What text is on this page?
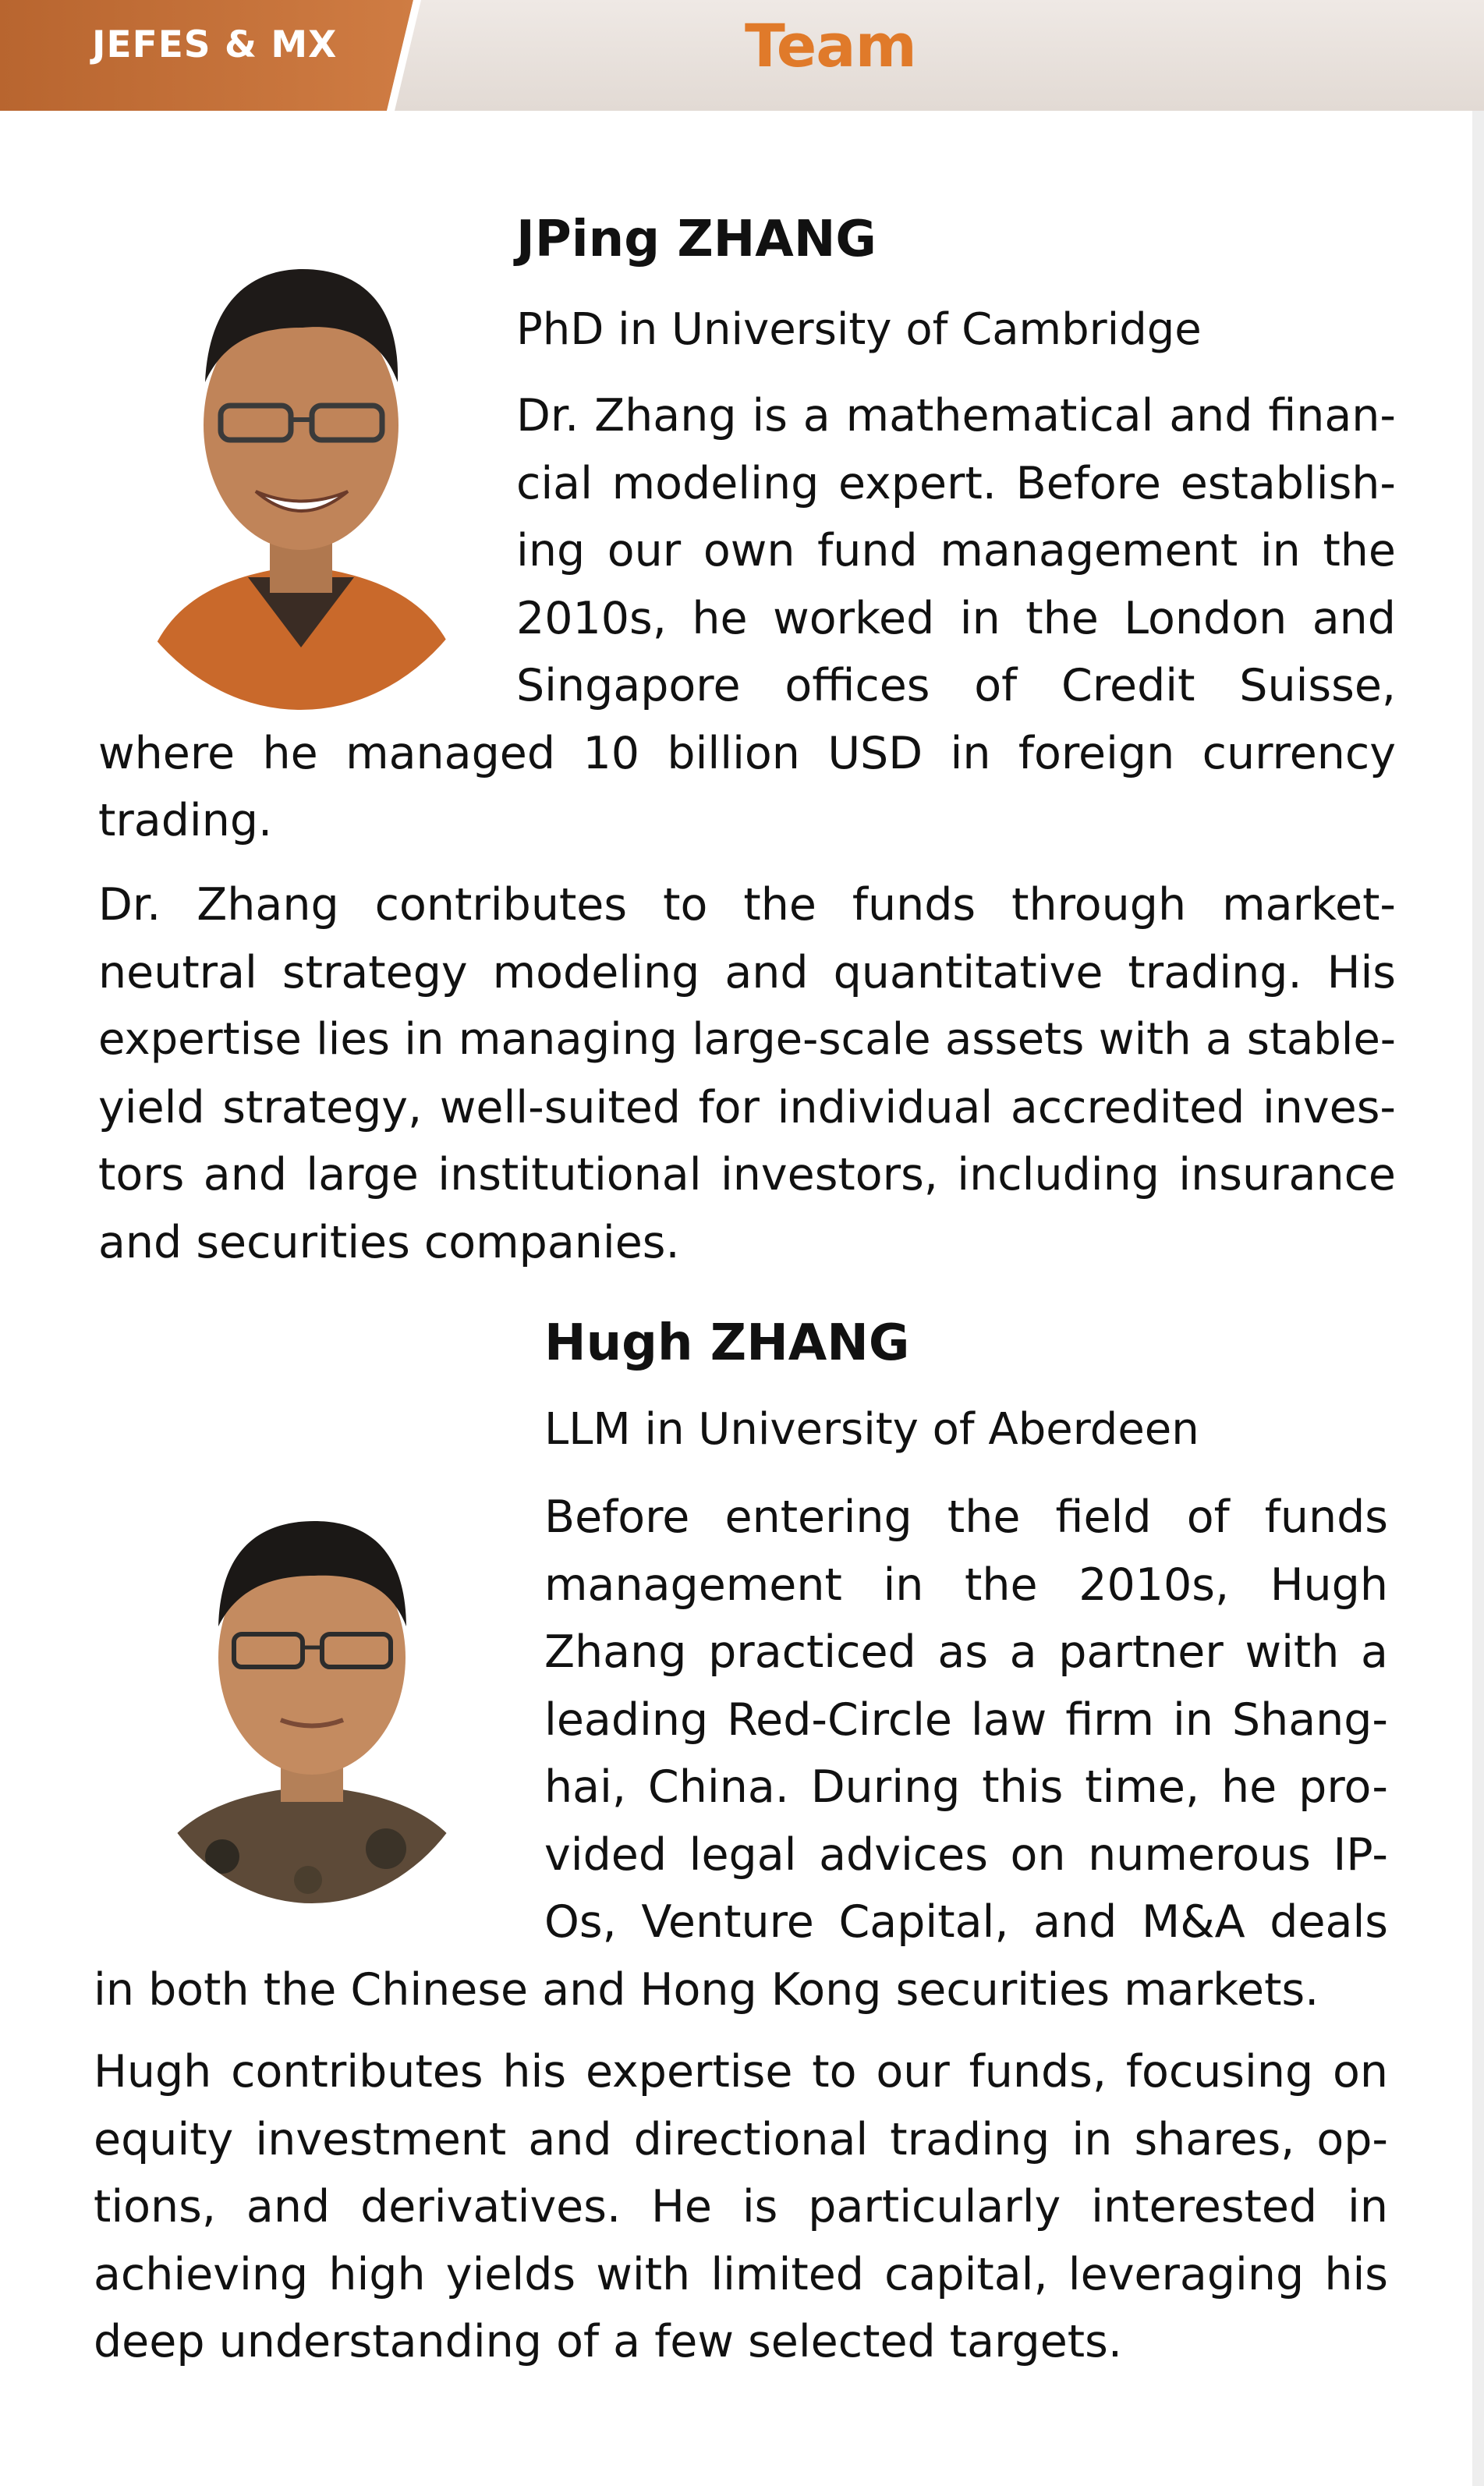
JEFES & MX	Team
JPing ZHANG
PhD in University of Cambridge
Dr. Zhang is a mathematical and finan-
cial modeling expert. Before establish-
ing our own fund management in the
2010s, he worked in the London and
Singapore offices of Credit Suisse,
where he managed 10 billion USD in foreign currency
trading.
Dr. Zhang contributes to the funds through market-
neutral strategy modeling and quantitative trading. His
expertise lies in managing large-scale assets with a stable-
yield strategy, well-suited for individual accredited inves-
tors and large institutional investors, including insurance
and securities companies.
Hugh ZHANG
LLM in University of Aberdeen
Before entering the field of funds
management in the 2010s, Hugh
Zhang practiced as a partner with a
leading Red-Circle law firm in Shang-
hai, China. During this time, he pro-
vided legal advices on numerous IP-
Os, Venture Capital, and M&A deals
in both the Chinese and Hong Kong securities markets.
Hugh contributes his expertise to our funds, focusing on
equity investment and directional trading in shares, op-
tions, and derivatives. He is particularly interested in
achieving high yields with limited capital, leveraging his
deep understanding of a few selected targets.
